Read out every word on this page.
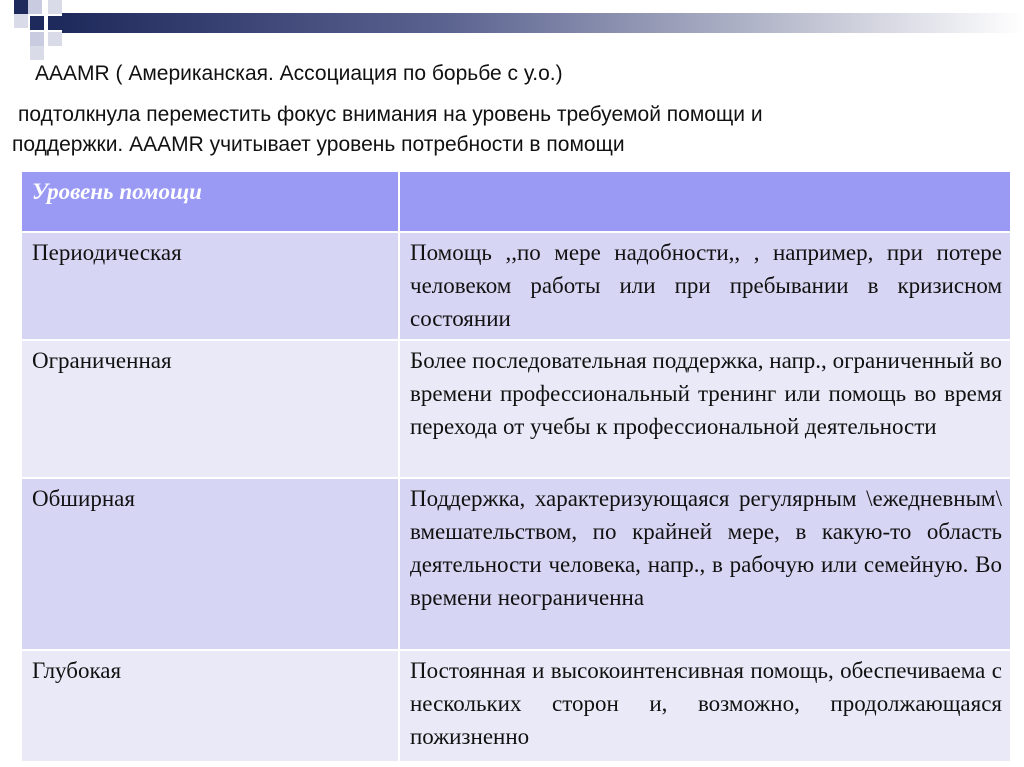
AAAMR ( Американская. Ассоциация по борьбе с у.о.)
подтолкнула переместить фокус внимания на уровень требуемой помощи и
поддержки. AAAMR учитывает уровень потребности в помощи
Уровень помощи	
Периодическая	Помощь ,,по мере надобности,, , например, при потере человеком работы или при пребывании в кризисном состоянии
Ограниченная	Более последовательная поддержка, напр., ограниченный во времени профессиональный тренинг или помощь во время перехода от учебы к профессиональной деятельности
Обширная	Поддержка, характеризующаяся регулярным \ежедневным\ вмешательством, по крайней мере, в какую-то область деятельности человека, напр., в рабочую или семейную. Во времени неограниченна
Глубокая	Постоянная и высокоинтенсивная помощь, обеспечиваема с нескольких сторон и, возможно, продолжающаяся пожизненно
